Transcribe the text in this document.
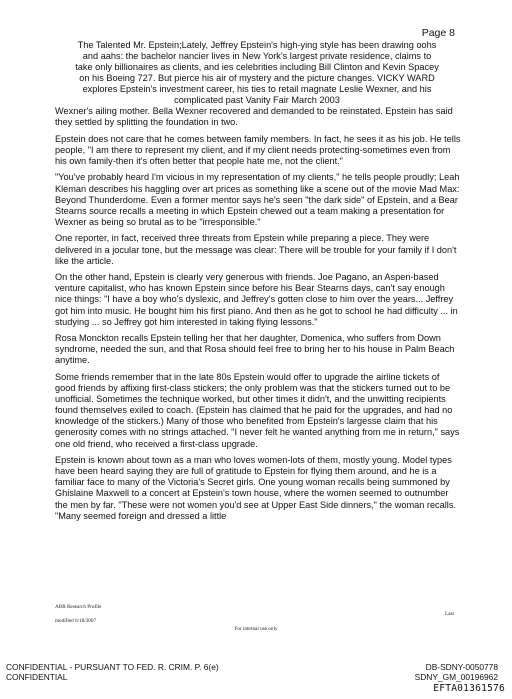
Page 8
The Talented Mr. Epstein;Lately, Jeffrey Epstein's high-ying style has been drawing oohs
and aahs: the bachelor nancier lives in New York's largest private residence, claims to
take only billionaires as clients, and ies celebrities including Bill Clinton and Kevin Spacey
on his Boeing 727. But pierce his air of mystery and the picture changes. VICKY WARD
explores Epstein's investment career, his ties to retail magnate Leslie Wexner, and his
complicated past Vanity Fair March 2003

Wexner's ailing mother. Bella Wexner recovered and demanded to be reinstated. Epstein has said they settled by splitting the foundation in two.

Epstein does not care that he comes between family members. In fact, he sees it as his job. He tells people, "I am there to represent my client, and if my client needs protecting-sometimes even from his own family-then it's often better that people hate me, not the client."

"You've probably heard I'm vicious in my representation of my clients," he tells people proudly; Leah Kleman describes his haggling over art prices as something like a scene out of the movie Mad Max: Beyond Thunderdome. Even a former mentor says he's seen "the dark side" of Epstein, and a Bear Stearns source recalls a meeting in which Epstein chewed out a team making a presentation for Wexner as being so brutal as to be "irresponsible."

One reporter, in fact, received three threats from Epstein while preparing a piece. They were delivered in a jocular tone, but the message was clear: There will be trouble for your family if I don't like the article.

On the other hand, Epstein is clearly very generous with friends. Joe Pagano, an Aspen-based venture capitalist, who has known Epstein since before his Bear Stearns days, can't say enough nice things: "I have a boy who's dyslexic, and Jeffrey's gotten close to him over the years... Jeffrey got him into music. He bought him his first piano. And then as he got to school he had difficulty ... in studying ... so Jeffrey got him interested in taking flying lessons."

Rosa Monckton recalls Epstein telling her that her daughter, Domenica, who suffers from Down syndrome, needed the sun, and that Rosa should feel free to bring her to his house in Palm Beach anytime.

Some friends remember that in the late 80s Epstein would offer to upgrade the airline tickets of good friends by affixing first-class stickers; the only problem was that the stickers turned out to be unofficial. Sometimes the technique worked, but other times it didn't, and the unwitting recipients found themselves exiled to coach. (Epstein has claimed that he paid for the upgrades, and had no knowledge of the stickers.) Many of those who benefited from Epstein's largesse claim that his generosity comes with no strings attached. "I never felt he wanted anything from me in return," says one old friend, who received a first-class upgrade.

Epstein is known about town as a man who loves women-lots of them, mostly young. Model types have been heard saying they are full of gratitude to Epstein for flying them around, and he is a familiar face to many of the Victoria's Secret girls. One young woman recalls being summoned by Ghislaine Maxwell to a concert at Epstein's town house, where the women seemed to outnumber the men by far. "These were not women you'd see at Upper East Side dinners," the woman recalls. "Many seemed foreign and dressed a little

ABR Research Profile
modified 6/18/2007
Last
For internal use only
CONFIDENTIAL - PURSUANT TO FED. R. CRIM. P. 6(e)
CONFIDENTIAL
DB-SDNY-0050778
SDNY_GM_00196962
EFTA01361576
